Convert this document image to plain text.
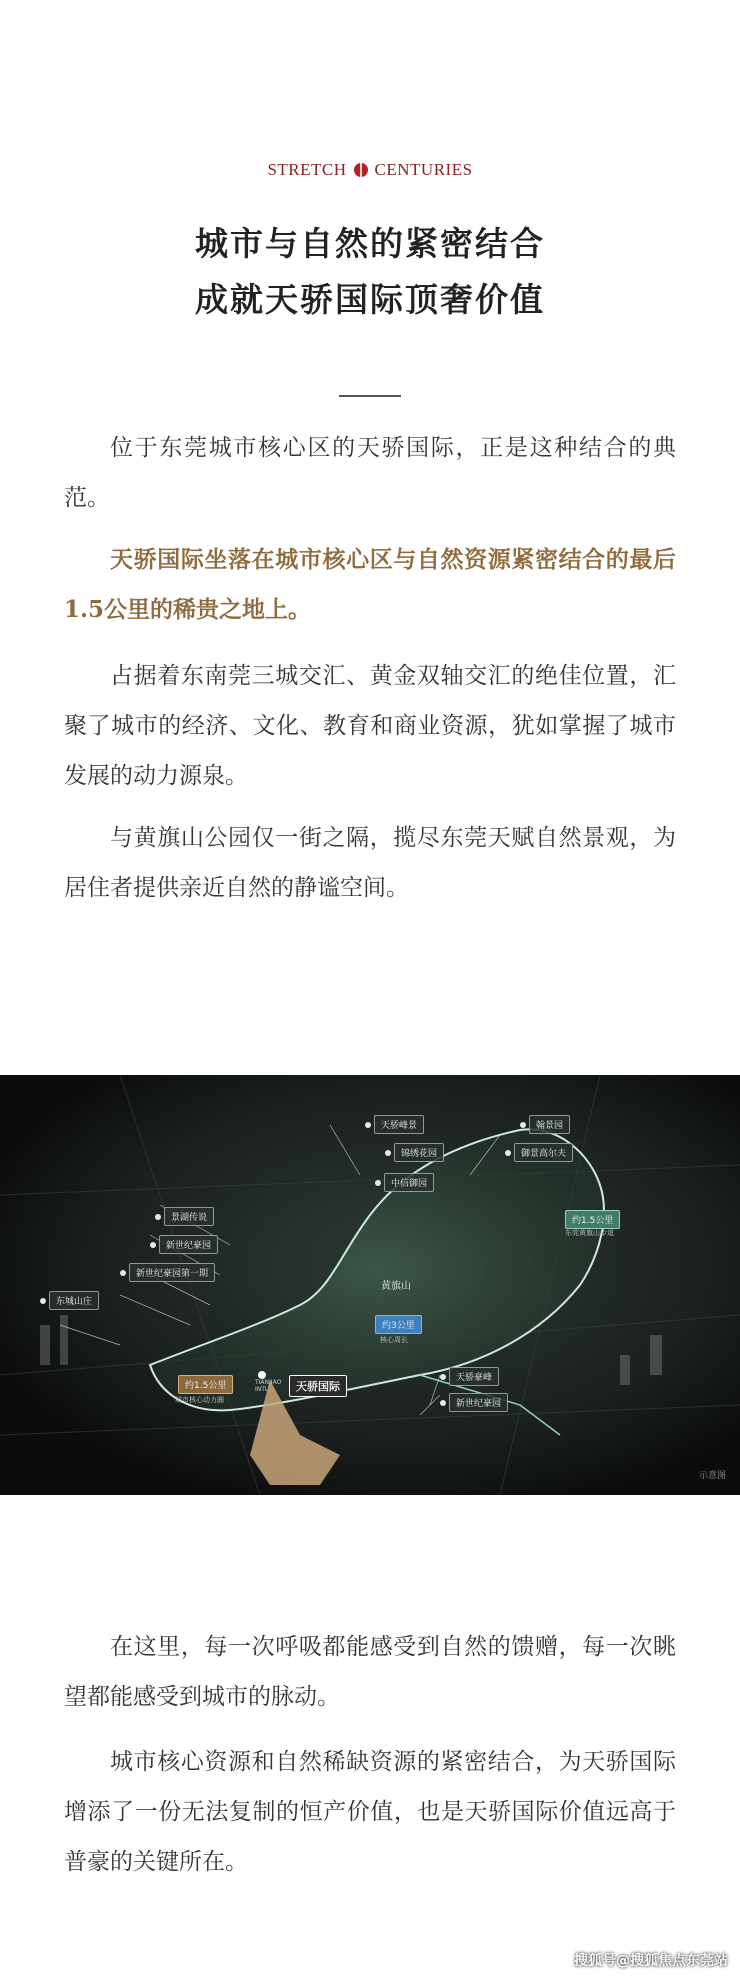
STRETCH CENTURIES
城市与自然的紧密结合
成就天骄国际顶奢价值
位于东莞城市核心区的天骄国际，正是这种结合的典范。
天骄国际坐落在城市核心区与自然资源紧密结合的最后1.5公里的稀贵之地上。
占据着东南莞三城交汇、黄金双轴交汇的绝佳位置，汇聚了城市的经济、文化、教育和商业资源，犹如掌握了城市发展的动力源泉。
与黄旗山公园仅一街之隔，揽尽东莞天赋自然景观，为居住者提供亲近自然的静谧空间。
天骄峰景	翰景园
锦绣花园	御景高尔夫
中信御园
景湖传说
新世纪豪园
新世纪豪园第一期
东城山庄
黄旗山
约3公里
核心周长
约1.5公里
东莞黄旗山步道
约1.5公里
城市核心动力圈
TIANJIAO INTL	天骄国际
天骄豪峰
新世纪豪园
示意图
在这里，每一次呼吸都能感受到自然的馈赠，每一次眺望都能感受到城市的脉动。
城市核心资源和自然稀缺资源的紧密结合，为天骄国际增添了一份无法复制的恒产价值，也是天骄国际价值远高于普豪的关键所在。
搜狐号@搜狐焦点东莞站
